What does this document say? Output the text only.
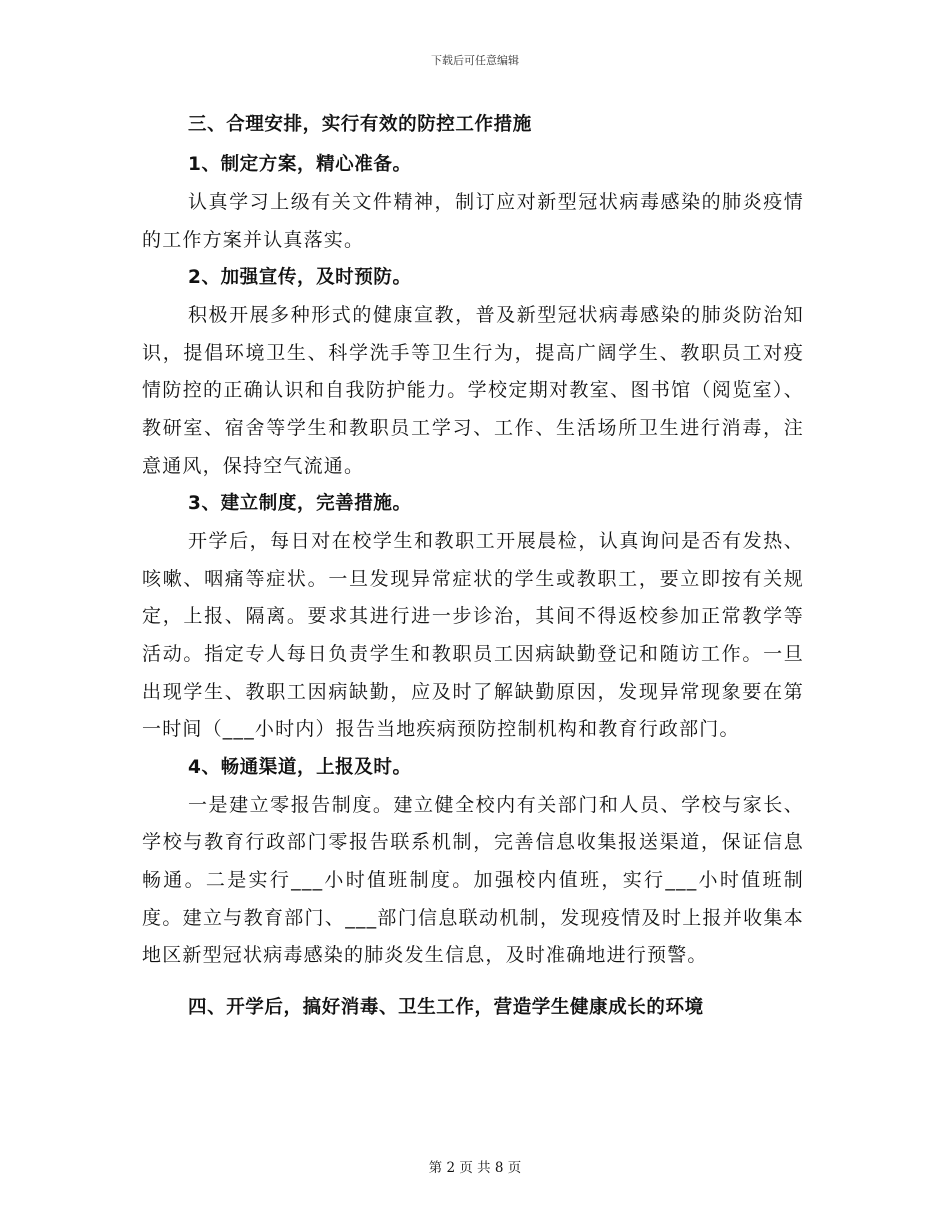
下载后可任意编辑

三、合理安排，实行有效的防控工作措施

1、制定方案，精心准备。

认真学习上级有关文件精神，制订应对新型冠状病毒感染的肺炎疫情的工作方案并认真落实。

2、加强宣传，及时预防。

积极开展多种形式的健康宣教，普及新型冠状病毒感染的肺炎防治知识，提倡环境卫生、科学洗手等卫生行为，提高广阔学生、教职员工对疫情防控的正确认识和自我防护能力。学校定期对教室、图书馆（阅览室）、教研室、宿舍等学生和教职员工学习、工作、生活场所卫生进行消毒，注意通风，保持空气流通。

3、建立制度，完善措施。

开学后，每日对在校学生和教职工开展晨检，认真询问是否有发热、咳嗽、咽痛等症状。一旦发现异常症状的学生或教职工，要立即按有关规定，上报、隔离。要求其进行进一步诊治，其间不得返校参加正常教学等活动。指定专人每日负责学生和教职员工因病缺勤登记和随访工作。一旦出现学生、教职工因病缺勤，应及时了解缺勤原因，发现异常现象要在第一时间（___小时内）报告当地疾病预防控制机构和教育行政部门。

4、畅通渠道，上报及时。

一是建立零报告制度。建立健全校内有关部门和人员、学校与家长、学校与教育行政部门零报告联系机制，完善信息收集报送渠道，保证信息畅通。二是实行___小时值班制度。加强校内值班，实行___小时值班制度。建立与教育部门、___部门信息联动机制，发现疫情及时上报并收集本地区新型冠状病毒感染的肺炎发生信息，及时准确地进行预警。

四、开学后，搞好消毒、卫生工作，营造学生健康成长的环境

第 2 页 共 8 页
